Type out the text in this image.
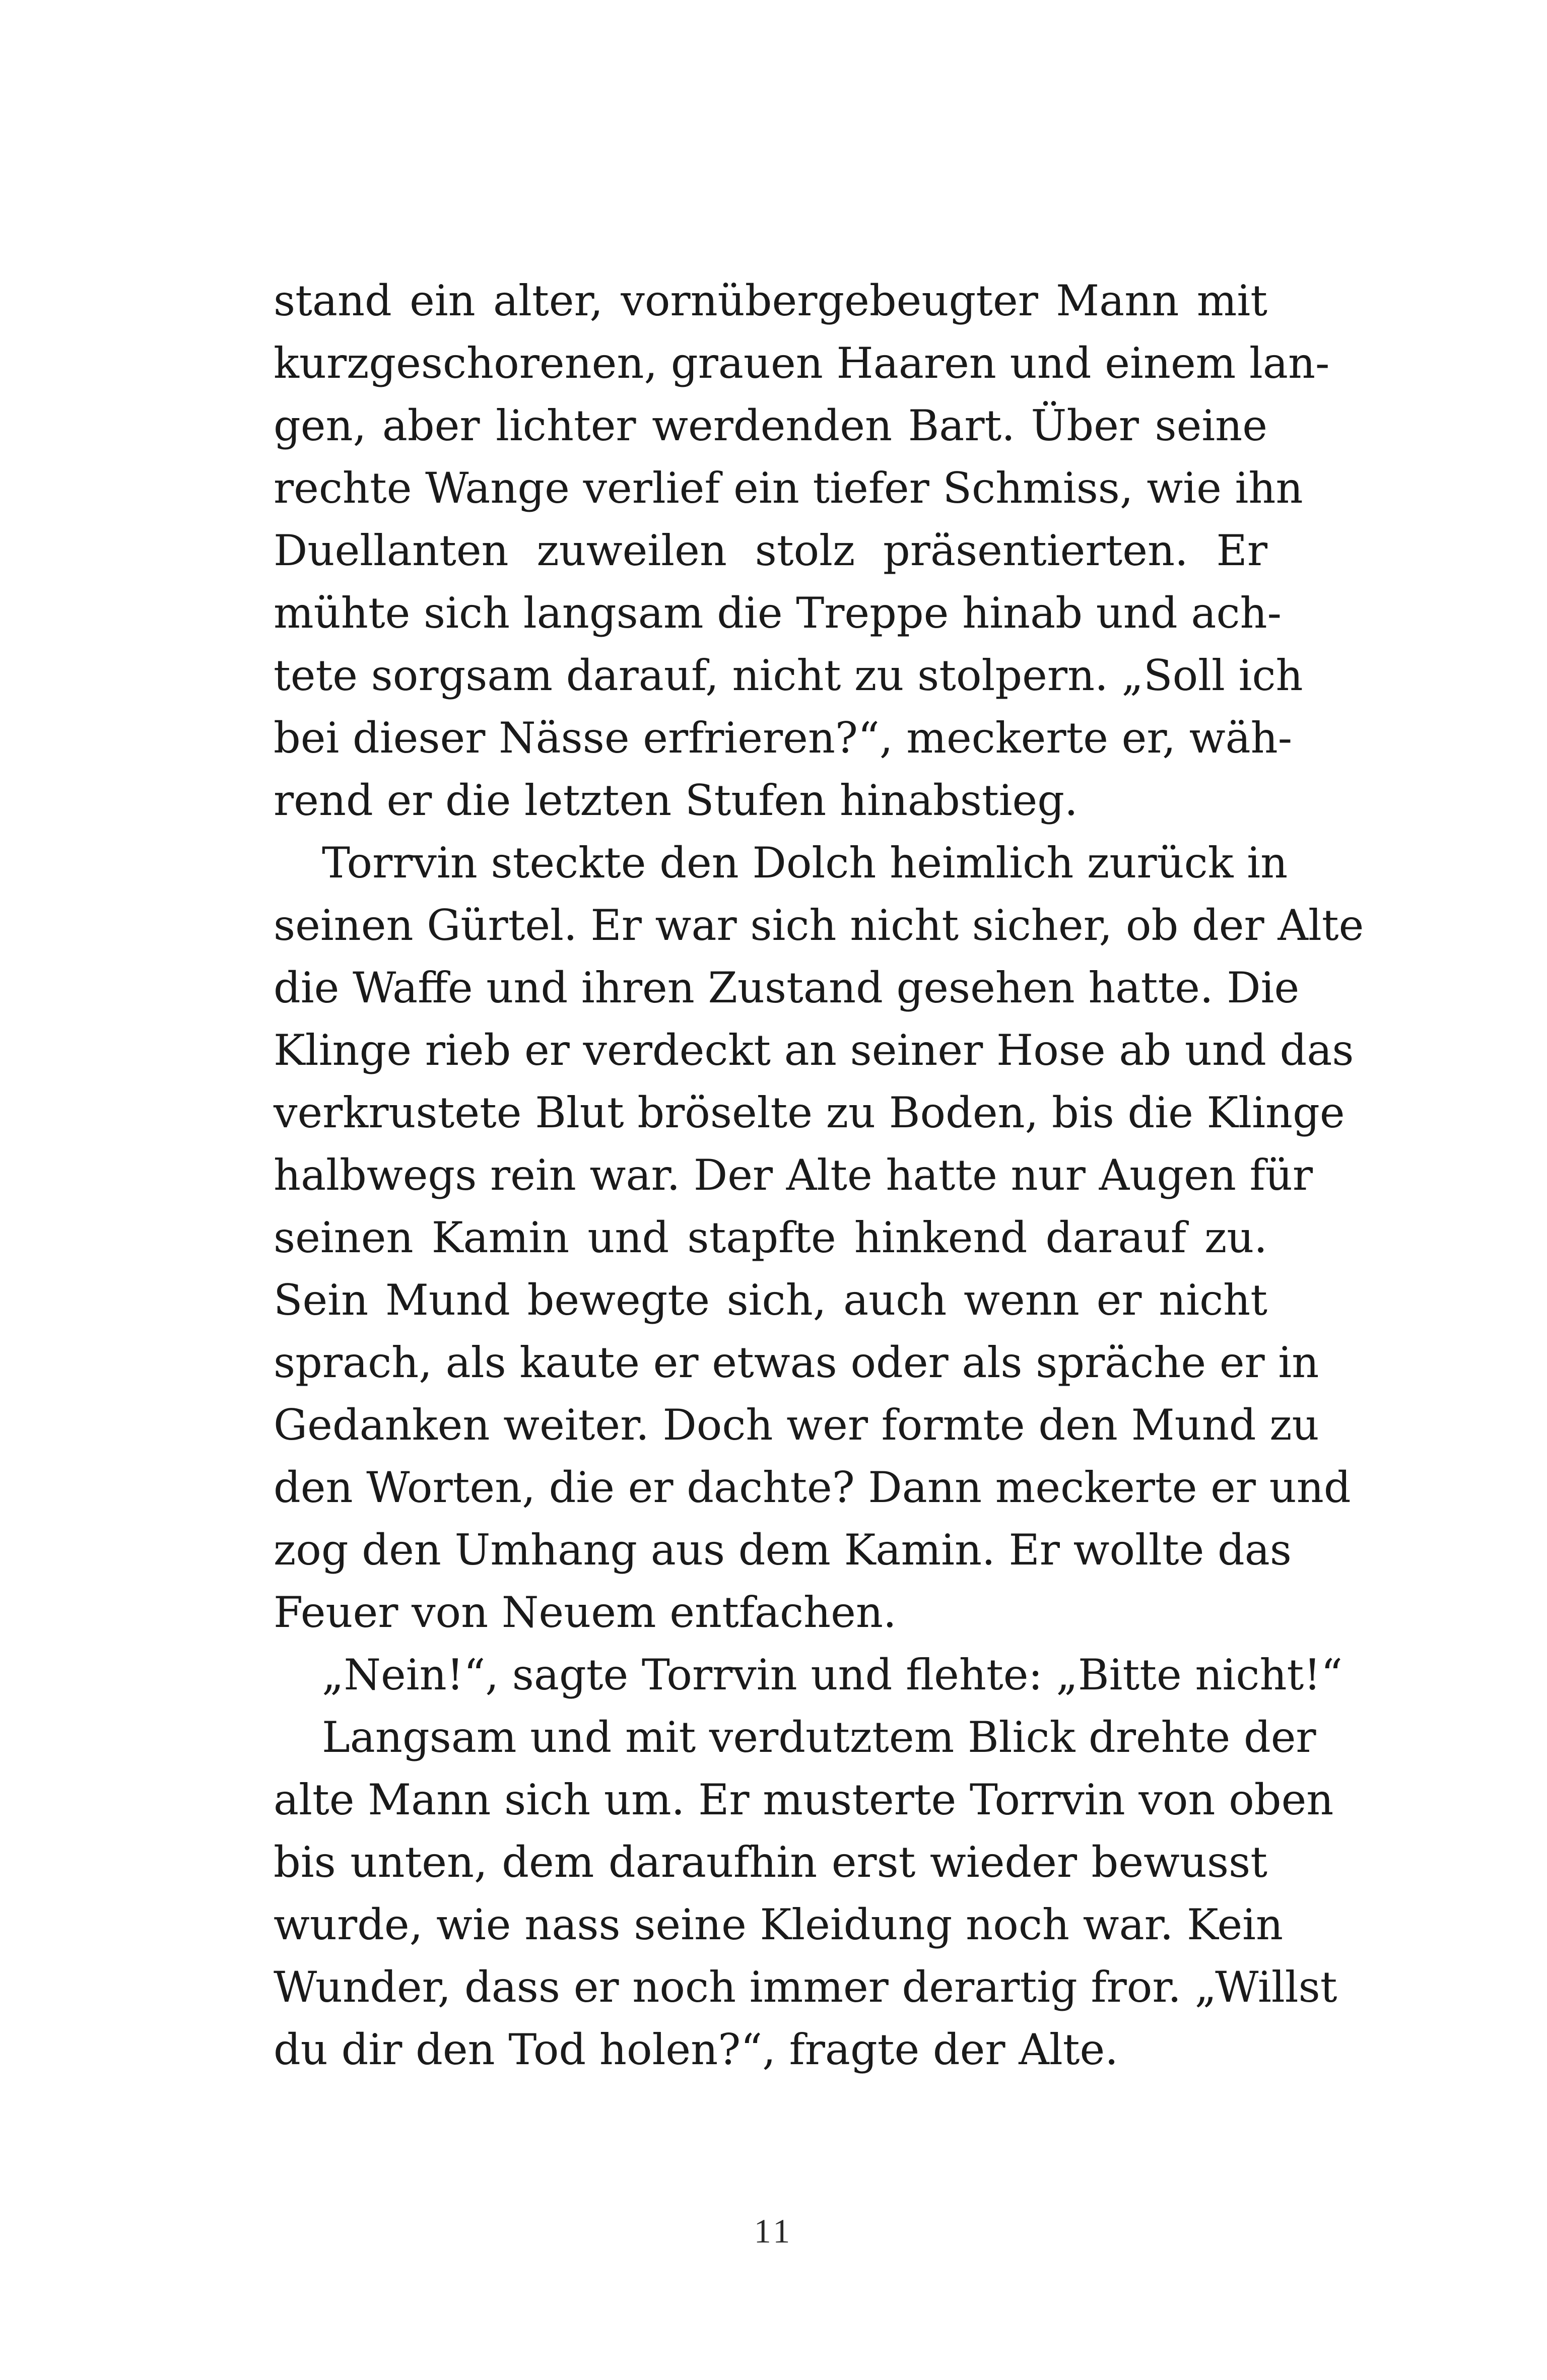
stand ein alter, vornübergebeugter Mann mit
kurzgeschorenen, grauen Haaren und einem lan-
gen, aber lichter werdenden Bart. Über seine
rechte Wange verlief ein tiefer Schmiss, wie ihn
Duellanten zuweilen stolz präsentierten. Er
mühte sich langsam die Treppe hinab und ach-
tete sorgsam darauf, nicht zu stolpern. „Soll ich
bei dieser Nässe erfrieren?“, meckerte er, wäh-
rend er die letzten Stufen hinabstieg.
Torrvin steckte den Dolch heimlich zurück in
seinen Gürtel. Er war sich nicht sicher, ob der Alte
die Waffe und ihren Zustand gesehen hatte. Die
Klinge rieb er verdeckt an seiner Hose ab und das
verkrustete Blut bröselte zu Boden, bis die Klinge
halbwegs rein war. Der Alte hatte nur Augen für
seinen Kamin und stapfte hinkend darauf zu.
Sein Mund bewegte sich, auch wenn er nicht
sprach, als kaute er etwas oder als spräche er in
Gedanken weiter. Doch wer formte den Mund zu
den Worten, die er dachte? Dann meckerte er und
zog den Umhang aus dem Kamin. Er wollte das
Feuer von Neuem entfachen.
„Nein!“, sagte Torrvin und flehte: „Bitte nicht!“
Langsam und mit verdutztem Blick drehte der
alte Mann sich um. Er musterte Torrvin von oben
bis unten, dem daraufhin erst wieder bewusst
wurde, wie nass seine Kleidung noch war. Kein
Wunder, dass er noch immer derartig fror. „Willst
du dir den Tod holen?“, fragte der Alte.
11
